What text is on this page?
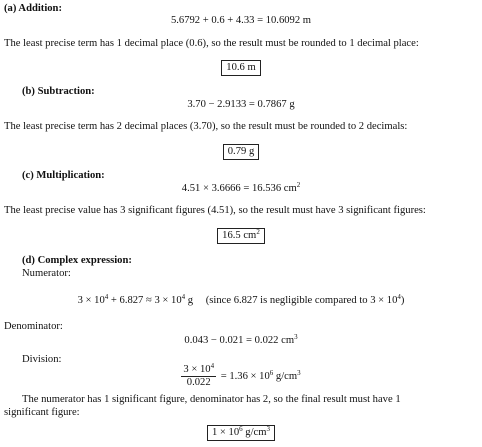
(a) Addition:
5.6792 + 0.6 + 4.33 = 10.6092 m
The least precise term has 1 decimal place (0.6), so the result must be rounded to 1 decimal place:
10.6 m
(b) Subtraction:
3.70 − 2.9133 = 0.7867 g
The least precise term has 2 decimal places (3.70), so the result must be rounded to 2 decimals:
0.79 g
(c) Multiplication:
4.51 × 3.6666 = 16.536 $cm^2$
The least precise value has 3 significant figures (4.51), so the result must have 3 significant figures:
16.5 $cm^2$
(d) Complex expression:
Numerator:
$3 \times 10^4 + 6.827 \approx 3 \times 10^4$ g (since 6.827 is negligible compared to $3 \times 10^4$)
Denominator:
0.043 − 0.021 = 0.022 $cm^3$
Division:
$\frac{3 \times 10^4}{0.022} = 1.36 \times 10^6$ $g/cm^3$
The numerator has 1 significant figure, denominator has 2, so the final result must have 1
significant figure:
$1 \times 10^6$ $g/cm^3$
